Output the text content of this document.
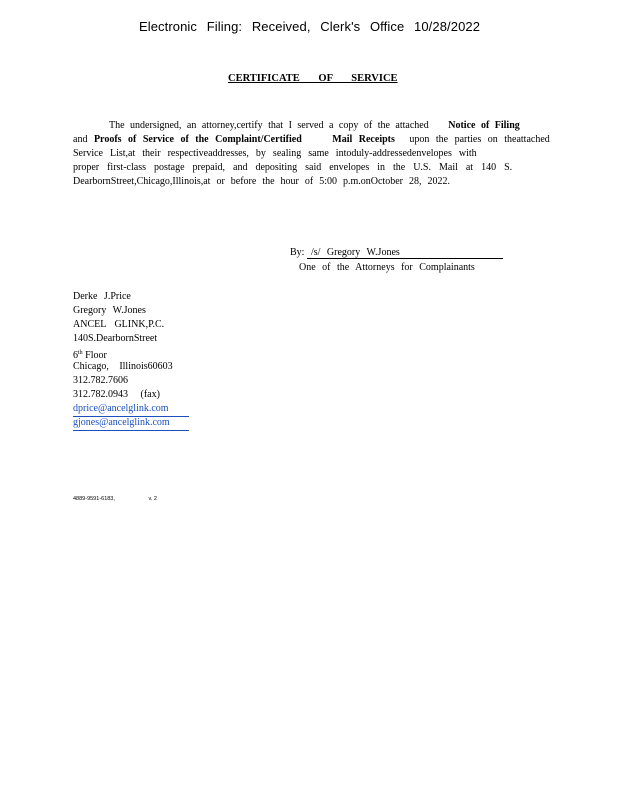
Electronic Filing: Received, Clerk's Office 10/28/2022
CERTIFICATE OF SERVICE
The undersigned, an attorney,certify that I served a copy of the attached Notice of Filing
and Proofs of Service of the Complaint/Certified	Mail Receipts upon the parties on theattached
Service List,at their respectiveaddresses, by sealing same intoduly-addressedenvelopes with
proper first-class postage prepaid, and depositing said envelopes in the U.S. Mail at 140 S.
DearbornStreet,Chicago,Illinois,at or before the hour of 5:00 p.m.onOctober 28, 2022.
By: /s/ Gregory W.Jones
One of the Attorneys for Complainants
Derke J.Price
Gregory W.Jones
ANCEL GLINK,P.C.
140S.DearbornStreet
6th Floor
Chicago, Illinois60603
312.782.7606
312.782.0943 (fax)
dprice@ancelglink.com
gjones@ancelglink.com
4889-9591-6183,	v. 2
